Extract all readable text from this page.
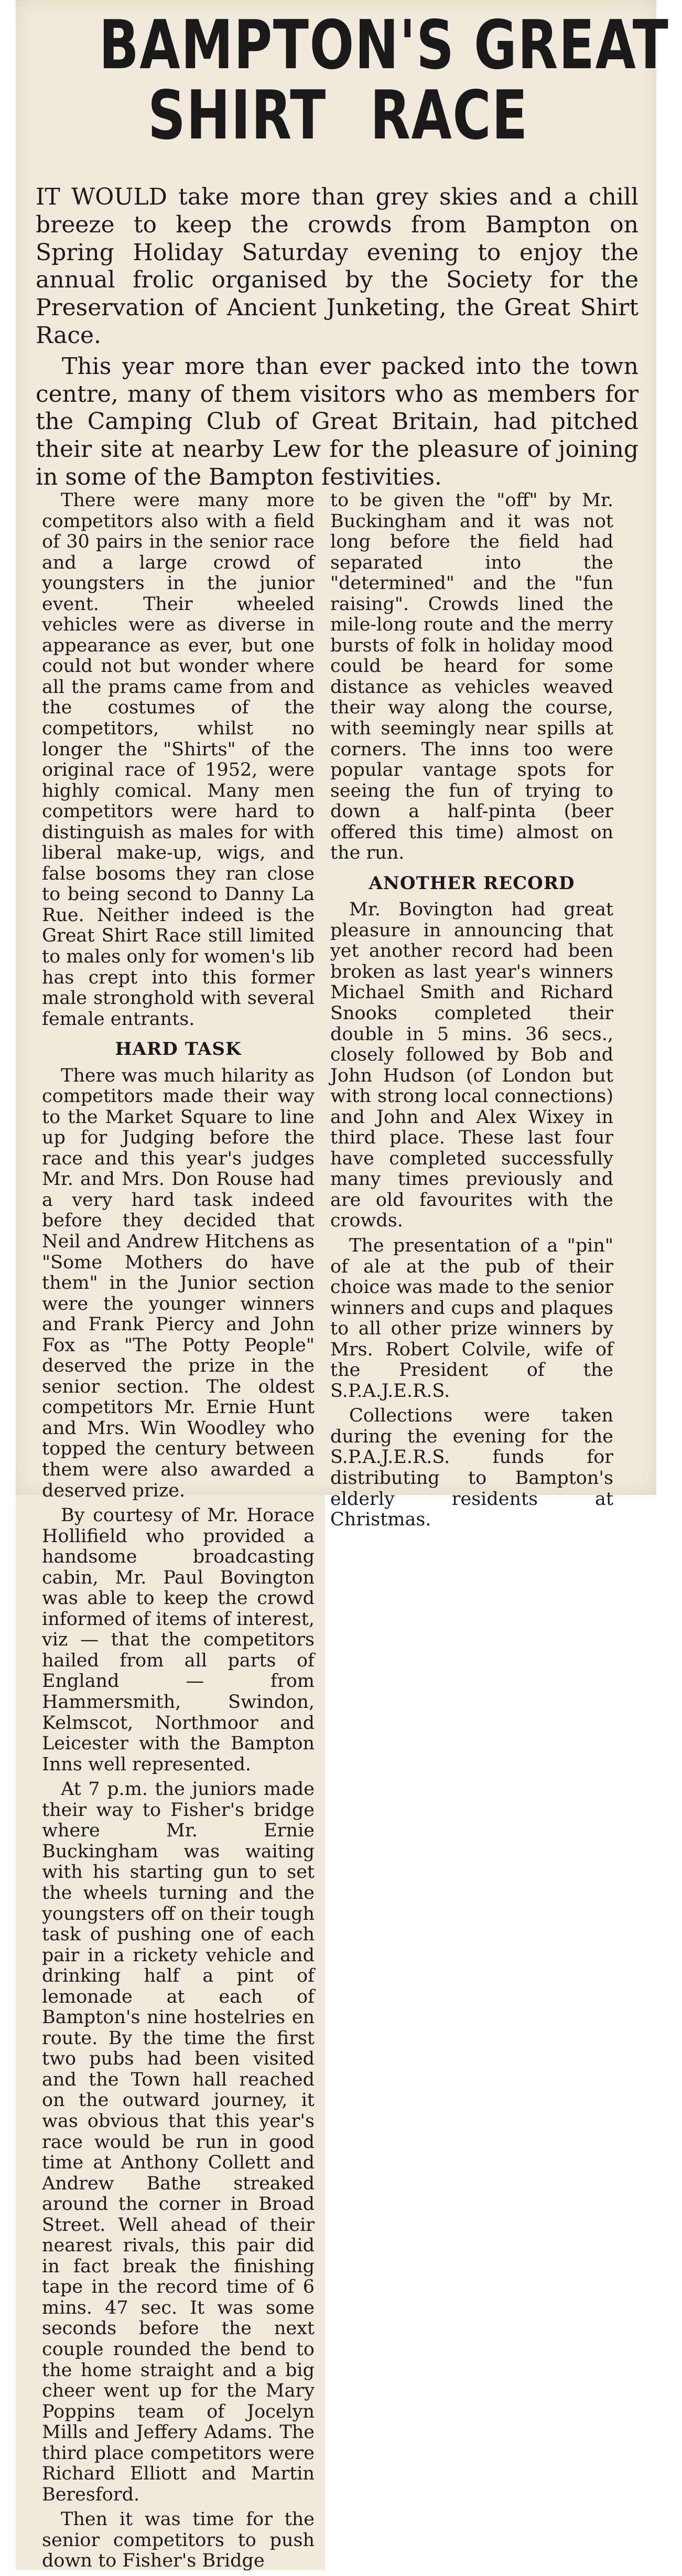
BAMPTON'S GREAT
SHIRT RACE

IT WOULD take more than grey skies and a chill breeze to keep the crowds from Bampton on Spring Holiday Saturday evening to enjoy the annual frolic organised by the Society for the Preservation of Ancient Junketing, the Great Shirt Race.

This year more than ever packed into the town centre, many of them visitors who as members for the Camping Club of Great Britain, had pitched their site at nearby Lew for the pleasure of joining in some of the Bampton festivities.

There were many more competitors also with a field of 30 pairs in the senior race and a large crowd of youngsters in the junior event. Their wheeled vehicles were as diverse in appearance as ever, but one could not but wonder where all the prams came from and the costumes of the competitors, whilst no longer the "Shirts" of the original race of 1952, were highly comical. Many men competitors were hard to distinguish as males for with liberal make-up, wigs, and false bosoms they ran close to being second to Danny La Rue. Neither indeed is the Great Shirt Race still limited to males only for women's lib has crept into this former male stronghold with several female entrants.

HARD TASK

There was much hilarity as competitors made their way to the Market Square to line up for Judging before the race and this year's judges Mr. and Mrs. Don Rouse had a very hard task indeed before they decided that Neil and Andrew Hitchens as "Some Mothers do have them" in the Junior section were the younger winners and Frank Piercy and John Fox as "The Potty People" deserved the prize in the senior section. The oldest competitors Mr. Ernie Hunt and Mrs. Win Woodley who topped the century between them were also awarded a deserved prize.

By courtesy of Mr. Horace Hollifield who provided a handsome broadcasting cabin, Mr. Paul Bovington was able to keep the crowd informed of items of interest, viz — that the competitors hailed from all parts of England — from Hammersmith, Swindon, Kelmscot, Northmoor and Leicester with the Bampton Inns well represented.

At 7 p.m. the juniors made their way to Fisher's bridge where Mr. Ernie Buckingham was waiting with his starting gun to set the wheels turning and the youngsters off on their tough task of pushing one of each pair in a rickety vehicle and drinking half a pint of lemonade at each of Bampton's nine hostelries en route. By the time the first two pubs had been visited and the Town hall reached on the outward journey, it was obvious that this year's race would be run in good time at Anthony Collett and Andrew Bathe streaked around the corner in Broad Street. Well ahead of their nearest rivals, this pair did in fact break the finishing tape in the record time of 6 mins. 47 sec. It was some seconds before the next couple rounded the bend to the home straight and a big cheer went up for the Mary Poppins team of Jocelyn Mills and Jeffery Adams. The third place competitors were Richard Elliott and Martin Beresford.

Then it was time for the senior competitors to push down to Fisher's Bridge

to be given the "off" by Mr. Buckingham and it was not long before the field had separated into the "determined" and the "fun raising". Crowds lined the mile-long route and the merry bursts of folk in holiday mood could be heard for some distance as vehicles weaved their way along the course, with seemingly near spills at corners. The inns too were popular vantage spots for seeing the fun of trying to down a half-pinta (beer offered this time) almost on the run.

ANOTHER RECORD

Mr. Bovington had great pleasure in announcing that yet another record had been broken as last year's winners Michael Smith and Richard Snooks completed their double in 5 mins. 36 secs., closely followed by Bob and John Hudson (of London but with strong local connections) and John and Alex Wixey in third place. These last four have completed successfully many times previously and are old favourites with the crowds.

The presentation of a "pin" of ale at the pub of their choice was made to the senior winners and cups and plaques to all other prize winners by Mrs. Robert Colvile, wife of the President of the S.P.A.J.E.R.S.

Collections were taken during the evening for the S.P.A.J.E.R.S. funds for distributing to Bampton's elderly residents at Christmas.
